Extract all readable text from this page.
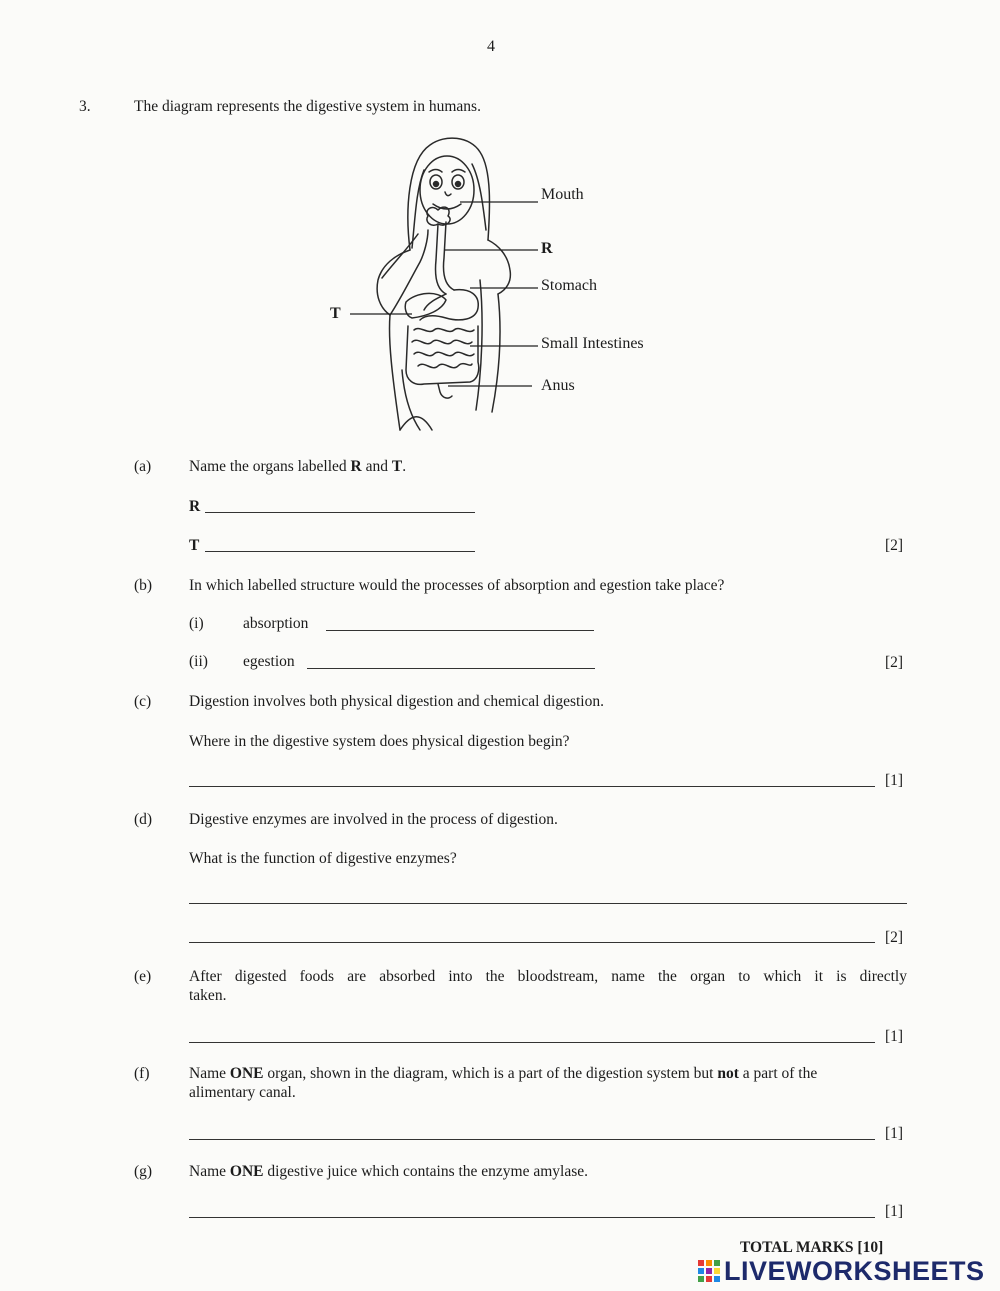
4
3.	The diagram represents the digestive system in humans.
Mouth
R
Stomach
T
Small Intestines
Anus
(a) Name the organs labelled R and T.
R
T	[2]
(b) In which labelled structure would the processes of absorption and egestion take place?
(i)	absorption
(ii) egestion	[2]
(c) Digestion involves both physical digestion and chemical digestion.
Where in the digestive system does physical digestion begin?
[1]
(d) Digestive enzymes are involved in the process of digestion.
What is the function of digestive enzymes?
[2]
(e) After digested foods are absorbed into the bloodstream, name the organ to which it is directly
taken.
[1]
(f)	Name ONE organ, shown in the diagram, which is a part of the digestion system but not a part of the
alimentary canal.
[1]
(g) Name ONE digestive juice which contains the enzyme amylase.
[1]
TOTAL MARKS [10]
LIVEWORKSHEETS
